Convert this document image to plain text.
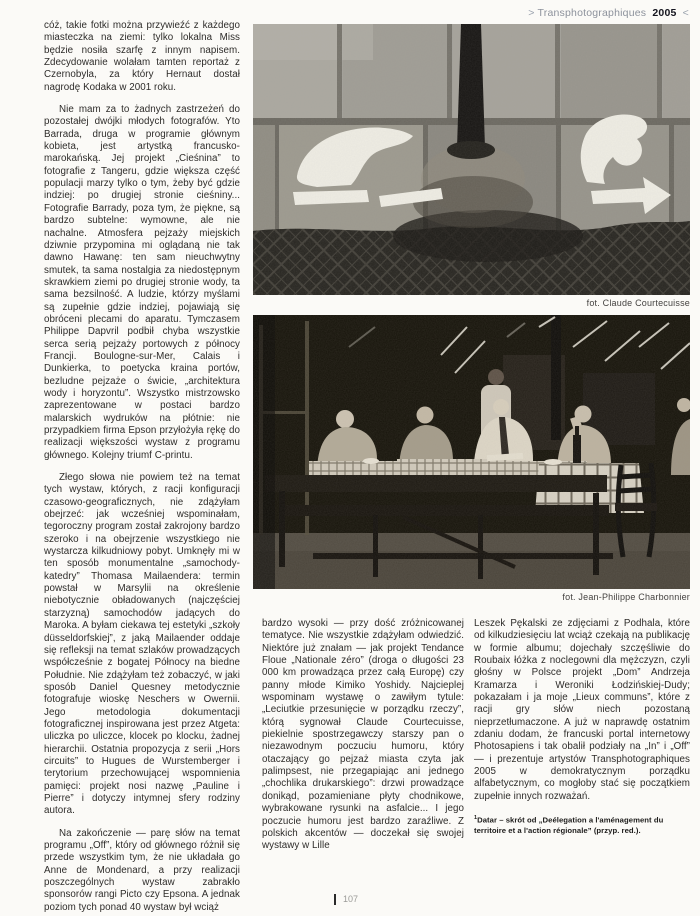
> Transphotographiques 2005 <

cóż, takie fotki można przywieźć z każdego miasteczka na ziemi: tylko lokalna Miss będzie nosiła szarfę z innym napisem. Zdecydowanie wolałam tamten reportaż z Czernobyla, za który Hernaut dostał nagrodę Kodaka w 2001 roku.

Nie mam za to żadnych zastrzeżeń do pozostałej dwójki młodych fotografów. Yto Barrada, druga w programie głównym kobieta, jest artystką francusko-marokańską. Jej projekt „Cieśnina” to fotografie z Tangeru, gdzie większa część populacji marzy tylko o tym, żeby być gdzie indziej: po drugiej stronie cieśniny... Fotografie Barrady, poza tym, że piękne, są bardzo subtelne: wymowne, ale nie nachalne. Atmosfera pejzaży miejskich dziwnie przypomina mi oglądaną nie tak dawno Hawanę: ten sam nieuchwytny smutek, ta sama nostalgia za niedostępnym skrawkiem ziemi po drugiej stronie wody, ta sama bezsilność. A ludzie, którzy myślami są zupełnie gdzie indziej, pojawiają się obróceni plecami do aparatu. Tymczasem Philippe Dapvril podbił chyba wszystkie serca serią pejzaży portowych z północy Francji. Boulogne-sur-Mer, Calais i Dunkierka, to poetycka kraina portów, bezludne pejzaże o świcie, „architektura wody i horyzontu”. Wszystko mistrzowsko zaprezentowane w postaci bardzo malarskich wydruków na płótnie: nie przypadkiem firma Epson przyłożyła rękę do realizacji większości wystaw z programu głównego. Kolejny triumf C-printu.

Złego słowa nie powiem też na temat tych wystaw, których, z racji konfiguracji czasowo-geograficznych, nie zdążyłam obejrzeć: jak wcześniej wspominałam, tegoroczny program został zakrojony bardzo szeroko i na obejrzenie wszystkiego nie wystarcza kilkudniowy pobyt. Umknęły mi w ten sposób monumentalne „samochody-katedry” Thomasa Mailaendera: termin powstał w Marsylii na określenie niebotycznie obładowanych (najczęściej starzyzną) samochodów jadących do Maroka. A byłam ciekawa tej estetyki „szkoły düsseldorfskiej”, z jaką Mailaender oddaje się refleksji na temat szlaków prowadzących współcześnie z bogatej Północy na biedne Południe. Nie zdążyłam też zobaczyć, w jaki sposób Daniel Quesney metodycznie fotografuje wioskę Neschers w Owernii. Jego metodologia dokumentacji fotograficznej inspirowana jest przez Atgeta: uliczka po uliczce, klocek po klocku, żadnej hierarchii. Ostatnia propozycja z serii „Hors circuits” to Hugues de Wurstemberger i terytorium przechowującej wspomnienia pamięci: projekt nosi nazwę „Pauline i Pierre” i dotyczy intymnej sfery rodziny autora.

Na zakończenie — parę słów na temat programu „Off”, który od głównego różnił się przede wszystkim tym, że nie układała go Anne de Mondenard, a przy realizacji poszczególnych wystaw zabrakło sponsorów rangi Picto czy Epsona. A jednak poziom tych ponad 40 wystaw był wciąż

fot. Claude Courtecuisse
fot. Jean-Philippe Charbonnier

bardzo wysoki — przy dość zróżnicowanej tematyce. Nie wszystkie zdążyłam odwiedzić. Niektóre już znałam — jak projekt Tendance Floue „Nationale zéro” (droga o długości 23 000 km prowadząca przez całą Europę) czy panny młode Kimiko Yoshidy. Najcieplej wspominam wystawę o zawiłym tytule: „Leciutkie przesunięcie w porządku rzeczy”, którą sygnował Claude Courtecuisse, piekielnie spostrzegawczy starszy pan o niezawodnym poczuciu humoru, który otaczający go pejzaż miasta czyta jak palimpsest, nie przegapiając ani jednego „chochlika drukarskiego”: drzwi prowadzące donikąd, pozamieniane płyty chodnikowe, wybrakowane rysunki na asfalcie... I jego poczucie humoru jest bardzo zaraźliwe. Z polskich akcentów — doczekał się swojej wystawy w Lille

Leszek Pękalski ze zdjęciami z Podhala, które od kilkudziesięciu lat wciąż czekają na publikację w formie albumu; dojechały szczęśliwie do Roubaix łóżka z noclegowni dla mężczyzn, czyli głośny w Polsce projekt „Dom” Andrzeja Kramarza i Weroniki Łodzińskiej-Dudy; pokazałam i ja moje „Lieux communs”, które z racji gry słów niech pozostaną nieprzetłumaczone. A już w naprawdę ostatnim zdaniu dodam, że francuski portal internetowy Photosapiens i tak obalił podziały na „In” i „Off” — i prezentuje artystów Transphotographiques 2005 w demokratycznym porządku alfabetycznym, co mogłoby stać się początkiem zupełnie innych rozważań.

$^1$Datar – skrót od „Deélegation a l'aménagement du territoire et a l'action régionale” (przyp. red.).

107
